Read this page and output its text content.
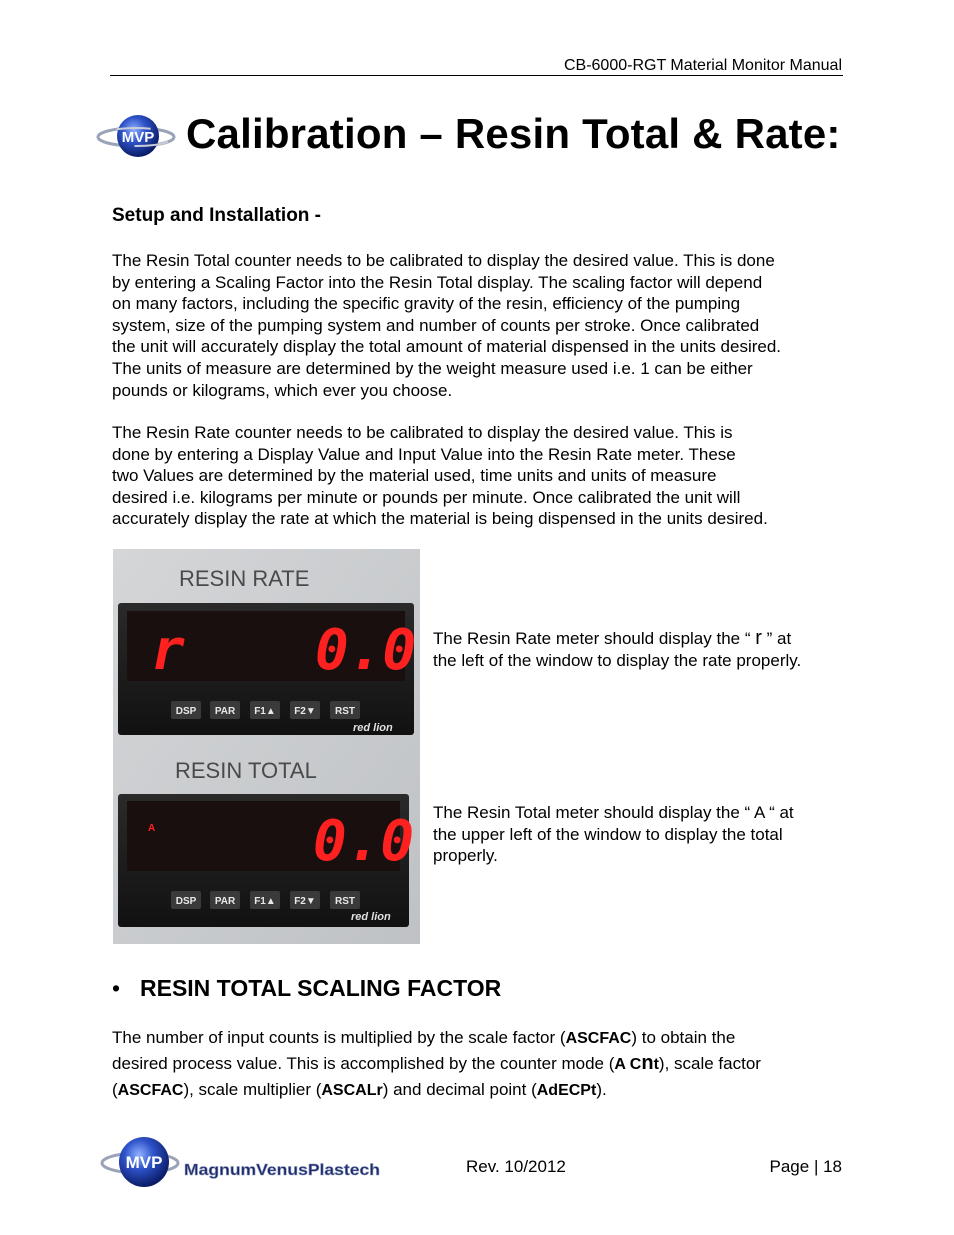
CB-6000-RGT Material Monitor Manual
MVP Calibration – Resin Total & Rate:
Setup and Installation -
The Resin Total counter needs to be calibrated to display the desired value. This is done
by entering a Scaling Factor into the Resin Total display. The scaling factor will depend
on many factors, including the specific gravity of the resin, efficiency of the pumping
system, size of the pumping system and number of counts per stroke. Once calibrated
the unit will accurately display the total amount of material dispensed in the units desired.
The units of measure are determined by the weight measure used i.e. 1 can be either
pounds or kilograms, which ever you choose.
The Resin Rate counter needs to be calibrated to display the desired value. This is
done by entering a Display Value and Input Value into the Resin Rate meter. These
two Values are determined by the material used, time units and units of measure
desired i.e. kilograms per minute or pounds per minute. Once calibrated the unit will
accurately display the rate at which the material is being dispensed in the units desired.
RESIN RATE
r 0.0
DSP PAR F1▲ F2▼ RST
red lion
RESIN TOTAL
A	0.0
DSP PAR F1▲ F2▼ RST
red lion
The Resin Rate meter should display the “ r ” at
the left of the window to display the rate properly.
The Resin Total meter should display the “ A “ at
the upper left of the window to display the total
properly.
• RESIN TOTAL SCALING FACTOR
The number of input counts is multiplied by the scale factor (ASCFAC) to obtain the
desired process value. This is accomplished by the counter mode (A Cnt), scale factor
(ASCFAC), scale multiplier (ASCALr) and decimal point (AdECPt).
MVP MagnumVenusPlastech	Rev. 10/2012	Page | 18
